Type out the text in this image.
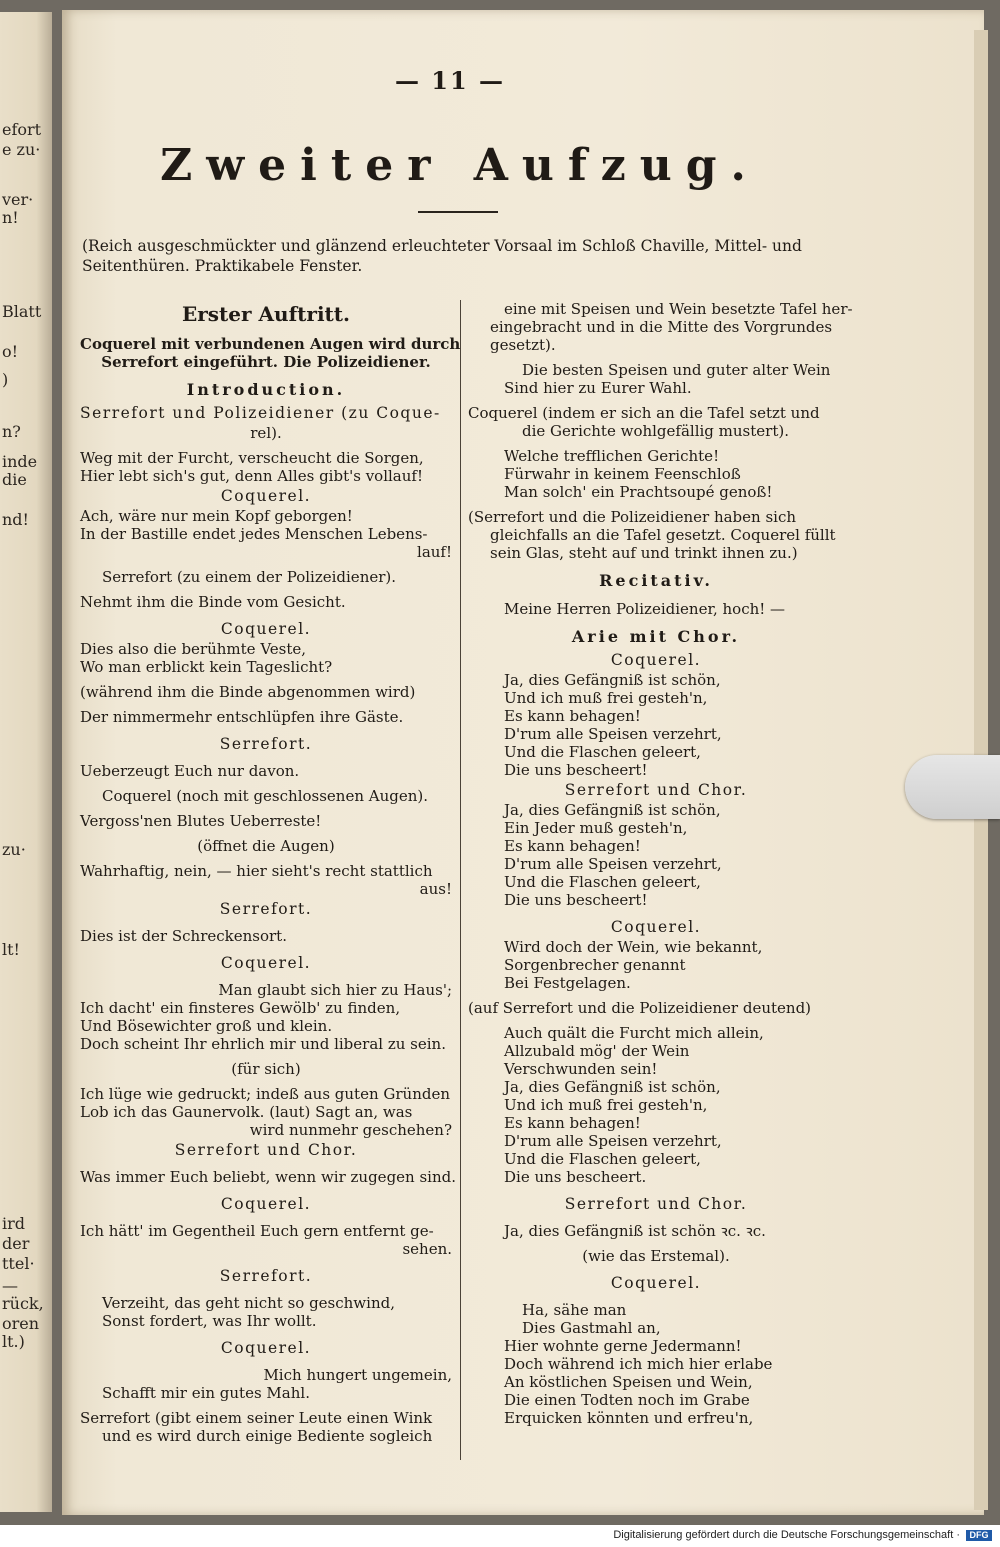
efort
e zu·
ver·
n!
Blatt
o!
)
n?
inde
die
nd!
zu·
lt!
ird
der
ttel·
—
rück,
oren
lt.)
— 11 —
Zweiter Aufzug.
(Reich ausgeschmückter und glänzend erleuchteter Vorsaal im Schloß Chaville, Mittel- und Seitenthüren. Praktikabele Fenster.
Erster Auftritt.
Coquerel mit verbundenen Augen wird durch
Serrefort eingeführt. Die Polizeidiener.
Introduction.
Serrefort und Polizeidiener (zu Coque-
rel).
Weg mit der Furcht, verscheucht die Sorgen,
Hier lebt sich's gut, denn Alles gibt's vollauf!
Coquerel.
Ach, wäre nur mein Kopf geborgen!
In der Bastille endet jedes Menschen Lebens-
lauf!
Serrefort (zu einem der Polizeidiener).
Nehmt ihm die Binde vom Gesicht.
Coquerel.
Dies also die berühmte Veste,
Wo man erblickt kein Tageslicht?
(während ihm die Binde abgenommen wird)
Der nimmermehr entschlüpfen ihre Gäste.
Serrefort.
Ueberzeugt Euch nur davon.
Coquerel (noch mit geschlossenen Augen).
Vergoss'nen Blutes Ueberreste!
(öffnet die Augen)
Wahrhaftig, nein, — hier sieht's recht stattlich
aus!
Serrefort.
Dies ist der Schreckensort.
Coquerel.
Man glaubt sich hier zu Haus';
Ich dacht' ein finsteres Gewölb' zu finden,
Und Bösewichter groß und klein.
Doch scheint Ihr ehrlich mir und liberal zu sein.
(für sich)
Ich lüge wie gedruckt; indeß aus guten Gründen
Lob ich das Gaunervolk. (laut) Sagt an, was
wird nunmehr geschehen?
Serrefort und Chor.
Was immer Euch beliebt, wenn wir zugegen sind.
Coquerel.
Ich hätt' im Gegentheil Euch gern entfernt ge-
sehen.
Serrefort.
Verzeiht, das geht nicht so geschwind,
Sonst fordert, was Ihr wollt.
Coquerel.
Mich hungert ungemein,
Schafft mir ein gutes Mahl.
Serrefort (gibt einem seiner Leute einen Wink
und es wird durch einige Bediente sogleich
eine mit Speisen und Wein besetzte Tafel her-
eingebracht und in die Mitte des Vorgrundes
gesetzt).
Die besten Speisen und guter alter Wein
Sind hier zu Eurer Wahl.
Coquerel (indem er sich an die Tafel setzt und
die Gerichte wohlgefällig mustert).
Welche trefflichen Gerichte!
Fürwahr in keinem Feenschloß
Man solch' ein Prachtsoupé genoß!
(Serrefort und die Polizeidiener haben sich
gleichfalls an die Tafel gesetzt. Coquerel füllt
sein Glas, steht auf und trinkt ihnen zu.)
Recitativ.
Meine Herren Polizeidiener, hoch! —
Arie mit Chor.
Coquerel.
Ja, dies Gefängniß ist schön,
Und ich muß frei gesteh'n,
Es kann behagen!
D'rum alle Speisen verzehrt,
Und die Flaschen geleert,
Die uns bescheert!
Serrefort und Chor.
Ja, dies Gefängniß ist schön,
Ein Jeder muß gesteh'n,
Es kann behagen!
D'rum alle Speisen verzehrt,
Und die Flaschen geleert,
Die uns bescheert!
Coquerel.
Wird doch der Wein, wie bekannt,
Sorgenbrecher genannt
Bei Festgelagen.
(auf Serrefort und die Polizeidiener deutend)
Auch quält die Furcht mich allein,
Allzubald mög' der Wein
Verschwunden sein!
Ja, dies Gefängniß ist schön,
Und ich muß frei gesteh'n,
Es kann behagen!
D'rum alle Speisen verzehrt,
Und die Flaschen geleert,
Die uns bescheert.
Serrefort und Chor.
Ja, dies Gefängniß ist schön ꝛc. ꝛc.
(wie das Erstemal).
Coquerel.
Ha, sähe man
Dies Gastmahl an,
Hier wohnte gerne Jedermann!
Doch während ich mich hier erlabe
An köstlichen Speisen und Wein,
Die einen Todten noch im Grabe
Erquicken könnten und erfreu'n,
Digitalisierung gefördert durch die Deutsche Forschungsgemeinschaft ·	DFG
